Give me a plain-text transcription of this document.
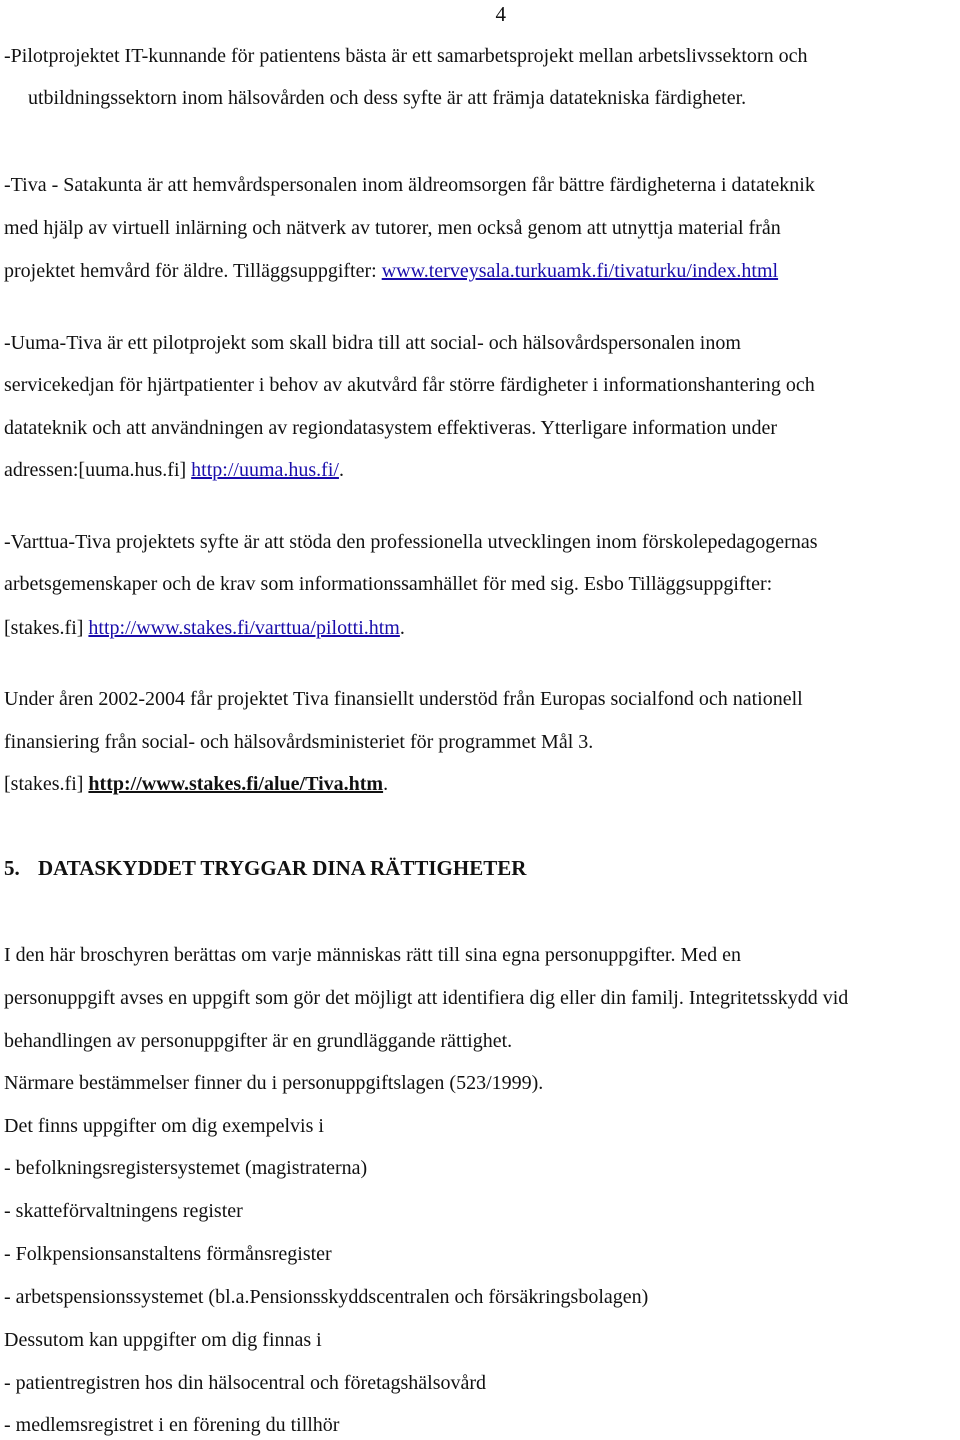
4
-Pilotprojektet IT-kunnande för patientens bästa är ett samarbetsprojekt mellan arbetslivssektorn och
utbildningssektorn inom hälsovården och dess syfte är att främja datatekniska färdigheter.
-Tiva - Satakunta är att hemvårdspersonalen inom äldreomsorgen får bättre färdigheterna i datateknik
med hjälp av virtuell inlärning och nätverk av tutorer, men också genom att utnyttja material från
projektet hemvård för äldre. Tilläggsuppgifter: www.terveysala.turkuamk.fi/tivaturku/index.html
-Uuma-Tiva är ett pilotprojekt som skall bidra till att social- och hälsovårdspersonalen inom
servicekedjan för hjärtpatienter i behov av akutvård får större färdigheter i informationshantering och
datateknik och att användningen av regiondatasystem effektiveras. Ytterligare information under
adressen:[uuma.hus.fi] http://uuma.hus.fi/.
-Varttua-Tiva projektets syfte är att stöda den professionella utvecklingen inom förskolepedagogernas
arbetsgemenskaper och de krav som informationssamhället för med sig. Esbo Tilläggsuppgifter:
[stakes.fi] http://www.stakes.fi/varttua/pilotti.htm.
Under åren 2002-2004 får projektet Tiva finansiellt understöd från Europas socialfond och nationell
finansiering från social- och hälsovårdsministeriet för programmet Mål 3.
[stakes.fi] http://www.stakes.fi/alue/Tiva.htm.
5. DATASKYDDET TRYGGAR DINA RÄTTIGHETER
I den här broschyren berättas om varje människas rätt till sina egna personuppgifter. Med en
personuppgift avses en uppgift som gör det möjligt att identifiera dig eller din familj. Integritetsskydd vid
behandlingen av personuppgifter är en grundläggande rättighet.
Närmare bestämmelser finner du i personuppgiftslagen (523/1999).
Det finns uppgifter om dig exempelvis i
- befolkningsregistersystemet (magistraterna)
- skatteförvaltningens register
- Folkpensionsanstaltens förmånsregister
- arbetspensionssystemet (bl.a.Pensionsskyddscentralen och försäkringsbolagen)
Dessutom kan uppgifter om dig finnas i
- patientregistren hos din hälsocentral och företagshälsovård
- medlemsregistret i en förening du tillhör
